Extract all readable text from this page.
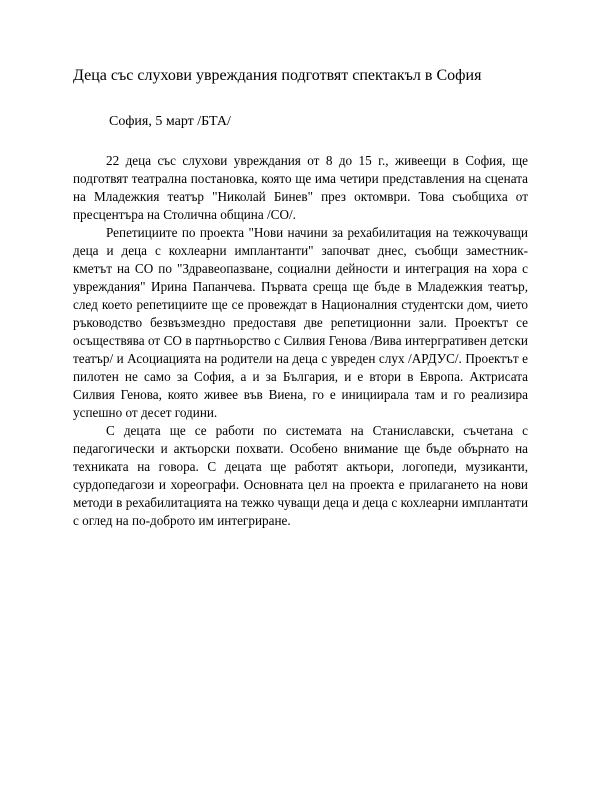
Деца със слухови увреждания подготвят спектакъл в София

София, 5 март /БТА/

22 деца със слухови увреждания от 8 до 15 г., живеещи в София, ще подготвят театрална постановка, която ще има четири представления на сцената на Младежкия театър "Николай Бинев" през октомври. Това съобщиха от пресцентъра на Столична община /СО/.

Репетициите по проекта "Нови начини за рехабилитация на тежкочуващи деца и деца с кохлеарни имплантанти" започват днес, съобщи заместник- кметът на СО по "Здравеопазване, социални дейности и интеграция на хора с увреждания" Ирина Папанчева. Първата среща ще бъде в Младежкия театър, след което репетициите ще се провеждат в Националния студентски дом, чието ръководство безвъзмездно предоставя две репетиционни зали. Проектът се осъществява от СО в партньорство с Силвия Генова /Вива интергративен детски театър/ и Асоциацията на родители на деца с увреден слух /АРДУС/. Проектът е пилотен не само за София, а и за България, и е втори в Европа. Актрисата Силвия Генова, която живее във Виена, го е инициирала там и го реализира успешно от десет години.

С децата ще се работи по системата на Станиславски, съчетана с педагогически и актьорски похвати. Особено внимание ще бъде обърнато на техниката на говора. С децата ще работят актьори, логопеди, музиканти, сурдопедагози и хореографи. Основната цел на проекта е прилагането на нови методи в рехабилитацията на тежко чуващи деца и деца с кохлеарни имплантати с оглед на по-доброто им интегриране.
